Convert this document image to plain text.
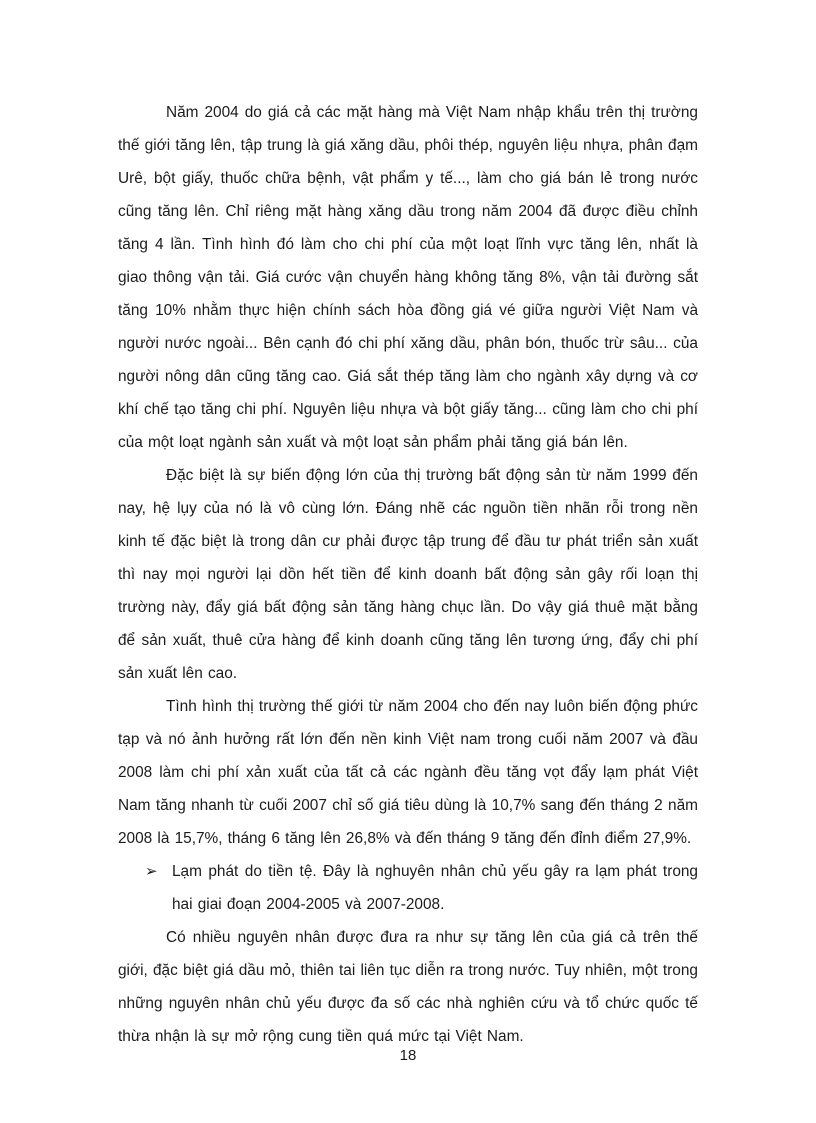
Năm 2004 do giá cả các mặt hàng mà Việt Nam nhập khẩu trên thị trường thế giới tăng lên, tập trung là giá xăng dầu, phôi thép, nguyên liệu nhựa, phân đạm Urê, bột giấy, thuốc chữa bệnh, vật phẩm y tế..., làm cho giá bán lẻ trong nước cũng tăng lên. Chỉ riêng mặt hàng xăng dầu trong năm 2004 đã được điều chỉnh tăng 4 lần. Tình hình đó làm cho chi phí của một loạt lĩnh vực tăng lên, nhất là giao thông vận tải. Giá cước vận chuyển hàng không tăng 8%, vận tải đường sắt tăng 10% nhằm thực hiện chính sách hòa đồng giá vé giữa người Việt Nam và người nước ngoài... Bên cạnh đó chi phí xăng dầu, phân bón, thuốc trừ sâu... của người nông dân cũng tăng cao. Giá sắt thép tăng làm cho ngành xây dựng và cơ khí chế tạo tăng chi phí. Nguyên liệu nhựa và bột giấy tăng... cũng làm cho chi phí của một loạt ngành sản xuất và một loạt sản phẩm phải tăng giá bán lên.

Đặc biệt là sự biến động lớn của thị trường bất động sản từ năm 1999 đến nay, hệ lụy của nó là vô cùng lớn. Đáng nhẽ các nguồn tiền nhãn rỗi trong nền kinh tế đặc biệt là trong dân cư phải được tập trung để đầu tư phát triển sản xuất thì nay mọi người lại dồn hết tiền để kinh doanh bất động sản gây rối loạn thị trường này, đẩy giá bất động sản tăng hàng chục lần. Do vậy giá thuê mặt bằng để sản xuất, thuê cửa hàng để kinh doanh cũng tăng lên tương ứng, đẩy chi phí sản xuất lên cao.

Tình hình thị trường thế giới từ năm 2004 cho đến nay luôn biến động phức tạp và nó ảnh hưởng rất lớn đến nền kinh Việt nam trong cuối năm 2007 và đầu 2008 làm chi phí xản xuất của tất cả các ngành đều tăng vọt đẩy lạm phát Việt Nam tăng nhanh từ cuối 2007 chỉ số giá tiêu dùng là 10,7% sang đến tháng 2 năm 2008 là 15,7%, tháng 6 tăng lên 26,8% và đến tháng 9 tăng đến đỉnh điểm 27,9%.

➢ Lạm phát do tiền tệ. Đây là nghuyên nhân chủ yếu gây ra lạm phát trong hai giai đoạn 2004-2005 và 2007-2008.

Có nhiều nguyên nhân được đưa ra như sự tăng lên của giá cả trên thế giới, đặc biệt giá dầu mỏ, thiên tai liên tục diễn ra trong nước. Tuy nhiên, một trong những nguyên nhân chủ yếu được đa số các nhà nghiên cứu và tổ chức quốc tế thừa nhận là sự mở rộng cung tiền quá mức tại Việt Nam.

18
